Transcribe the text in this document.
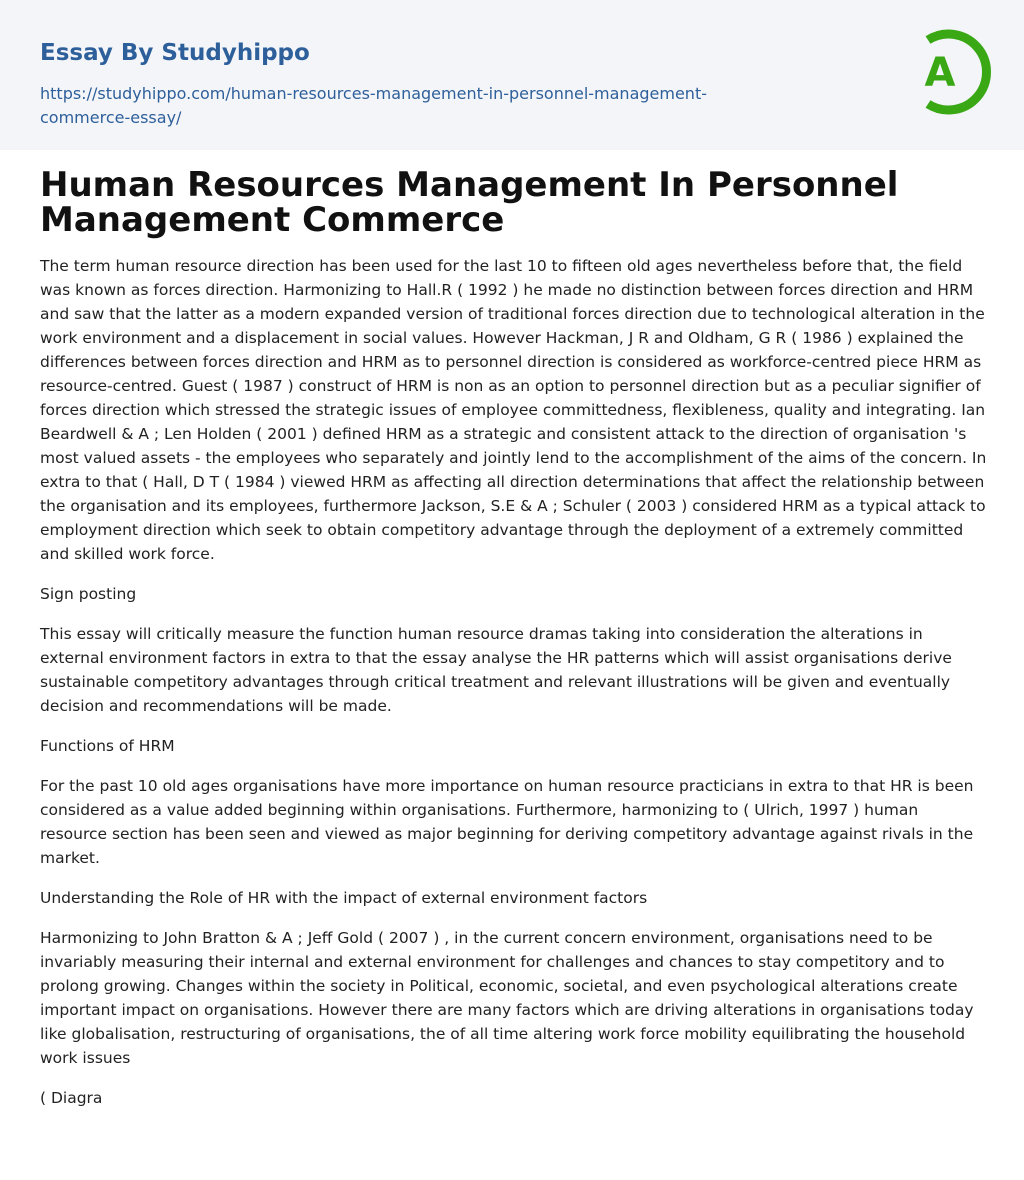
Essay By Studyhippo
https://studyhippo.com/human-resources-management-in-personnel-management-commerce-essay/
A
Human Resources Management In Personnel Management Commerce

The term human resource direction has been used for the last 10 to fifteen old ages nevertheless before that, the field was known as forces direction. Harmonizing to Hall.R ( 1992 ) he made no distinction between forces direction and HRM and saw that the latter as a modern expanded version of traditional forces direction due to technological alteration in the work environment and a displacement in social values. However Hackman, J R and Oldham, G R ( 1986 ) explained the differences between forces direction and HRM as to personnel direction is considered as workforce-centred piece HRM as resource-centred. Guest ( 1987 ) construct of HRM is non as an option to personnel direction but as a peculiar signifier of forces direction which stressed the strategic issues of employee committedness, flexibleness, quality and integrating. Ian Beardwell & A ; Len Holden ( 2001 ) defined HRM as a strategic and consistent attack to the direction of organisation 's most valued assets - the employees who separately and jointly lend to the accomplishment of the aims of the concern. In extra to that ( Hall, D T ( 1984 ) viewed HRM as affecting all direction determinations that affect the relationship between the organisation and its employees, furthermore Jackson, S.E & A ; Schuler ( 2003 ) considered HRM as a typical attack to employment direction which seek to obtain competitory advantage through the deployment of a extremely committed and skilled work force.

Sign posting

This essay will critically measure the function human resource dramas taking into consideration the alterations in external environment factors in extra to that the essay analyse the HR patterns which will assist organisations derive sustainable competitory advantages through critical treatment and relevant illustrations will be given and eventually decision and recommendations will be made.

Functions of HRM

For the past 10 old ages organisations have more importance on human resource practicians in extra to that HR is been considered as a value added beginning within organisations. Furthermore, harmonizing to ( Ulrich, 1997 ) human resource section has been seen and viewed as major beginning for deriving competitory advantage against rivals in the market.

Understanding the Role of HR with the impact of external environment factors

Harmonizing to John Bratton & A ; Jeff Gold ( 2007 ) , in the current concern environment, organisations need to be invariably measuring their internal and external environment for challenges and chances to stay competitory and to prolong growing. Changes within the society in Political, economic, societal, and even psychological alterations create important impact on organisations. However there are many factors which are driving alterations in organisations today like globalisation, restructuring of organisations, the of all time altering work force mobility equilibrating the household work issues

( Diagra
